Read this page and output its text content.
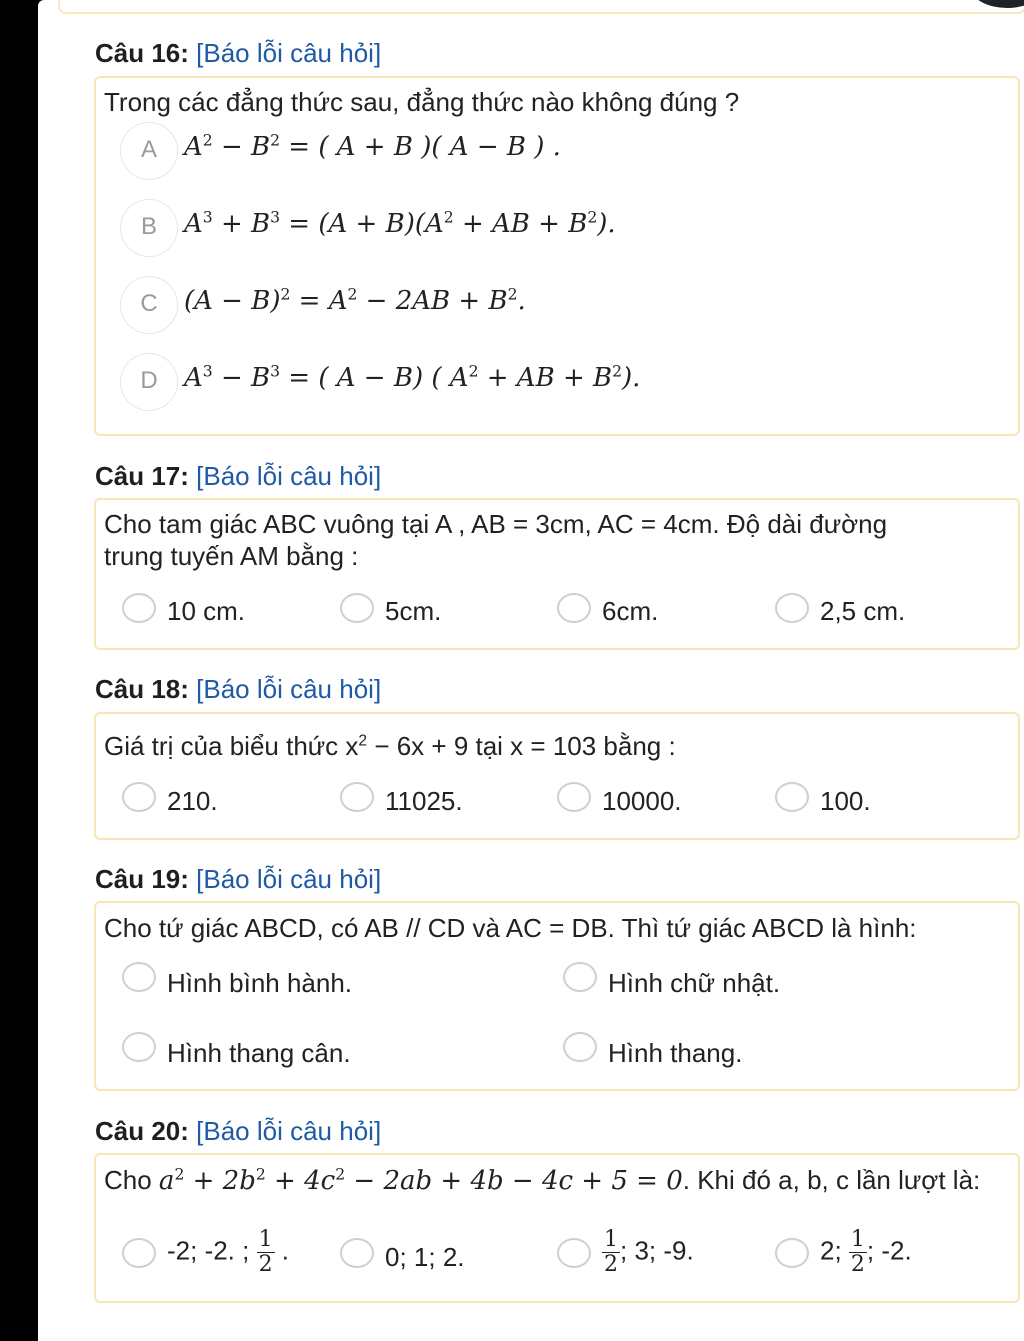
Câu 16: [Báo lỗi câu hỏi]
Trong các đẳng thức sau, đẳng thức nào không đúng ?
A	$A^2 - B^2$ = ( A + B )( A − B ) .
B	$A^3 + B^3 = (A + B)(A^2$ + AB + $B^2$).
C	$(A - B)^2 = A^2 - 2AB + B^2$.
D	$A^3 - B^3$ = ( A − B) ( $A^2$ + AB + $B^2$).
Câu 17: [Báo lỗi câu hỏi]
Cho tam giác ABC vuông tại A , AB = 3cm, AC = 4cm. Độ dài đường
trung tuyến AM bằng :
10 cm.	5cm.	6cm.	2,5 cm.
Câu 18: [Báo lỗi câu hỏi]
Giá trị của biểu thức $x^2 - 6x + 9$ tại x = 103 bằng :
210.	11025.	10000.	100.
Câu 19: [Báo lỗi câu hỏi]
Cho tứ giác ABCD, có AB // CD và AC = DB. Thì tứ giác ABCD là hình:
Hình bình hành.	Hình chữ nhật.
Hình thang cân.	Hình thang.
Câu 20: [Báo lỗi câu hỏi]
Cho $a^2 + 2b^2 + 4c^2 - 2ab + 4b - 4c + 5 = 0$. Khi đó a, b, c lần lượt là:
-2; -2. ; $\frac{1}{2}$ .	0; 1; 2.	$\frac{1}{2}$ ; 3; -9.	2; $\frac{1}{2}$ ; -2.
